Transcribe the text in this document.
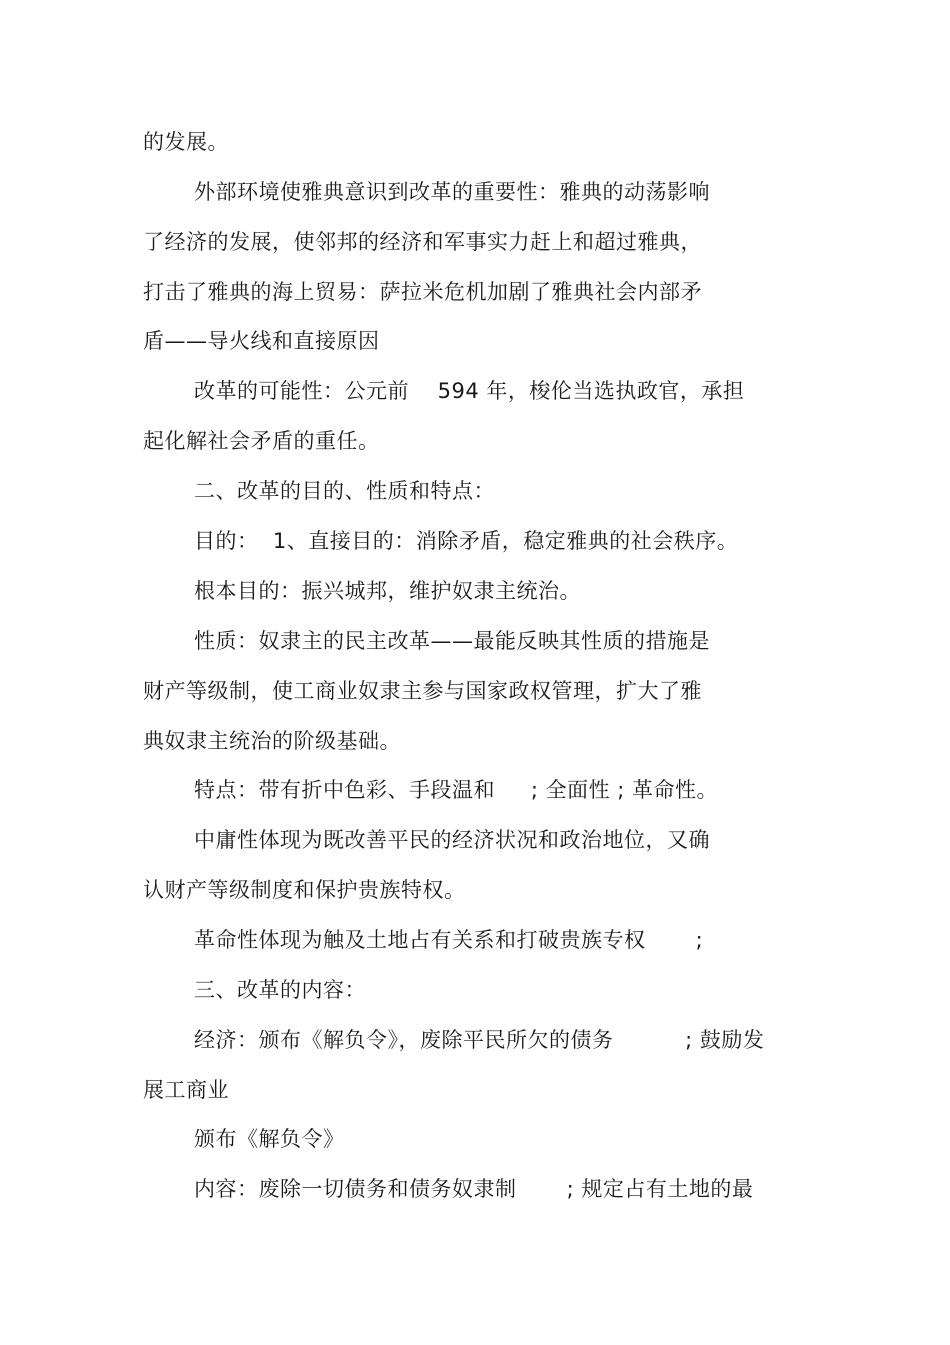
的发展。
外部环境使雅典意识到改革的重要性：雅典的动荡影响
了经济的发展，使邻邦的经济和军事实力赶上和超过雅典，
打击了雅典的海上贸易：萨拉米危机加剧了雅典社会内部矛
盾——导火线和直接原因
改革的可能性：公元前　 594 年，梭伦当选执政官，承担
起化解社会矛盾的重任。
二、改革的目的、性质和特点：
目的：  1、直接目的：消除矛盾，稳定雅典的社会秩序。
根本目的：振兴城邦，维护奴隶主统治。
性质：奴隶主的民主改革——最能反映其性质的措施是
财产等级制，使工商业奴隶主参与国家政权管理，扩大了雅
典奴隶主统治的阶级基础。
特点：带有折中色彩、手段温和　  ; 全面性 ; 革命性。
中庸性体现为既改善平民的经济状况和政治地位，又确
认财产等级制度和保护贵族特权。
革命性体现为触及土地占有关系和打破贵族专权　　 ;
三、改革的内容：
经济：颁布《解负令》，废除平民所欠的债务　　　 ; 鼓励发
展工商业
颁布《解负令》
内容：废除一切债务和债务奴隶制　　 ; 规定占有土地的最
